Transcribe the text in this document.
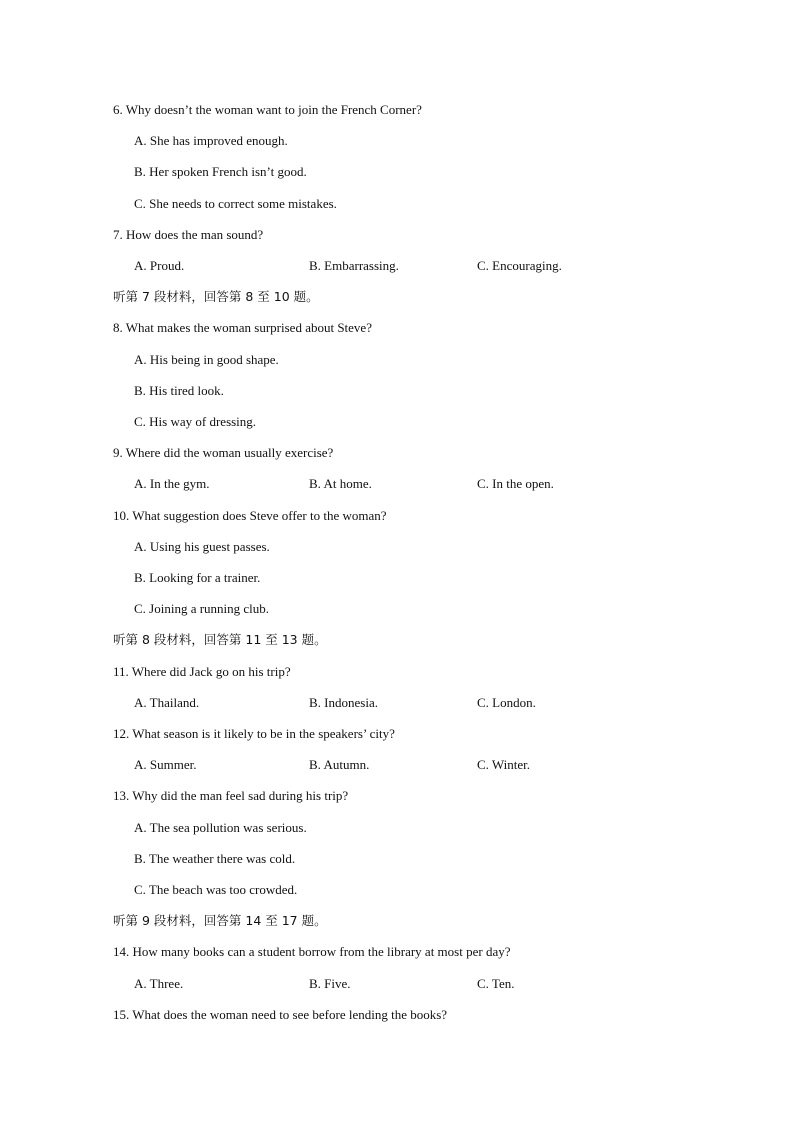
6. Why doesn’t the woman want to join the French Corner?
A. She has improved enough.
B. Her spoken French isn’t good.
C. She needs to correct some mistakes.
7. How does the man sound?
A. Proud.	B. Embarrassing.	C. Encouraging.
听第 7 段材料，回答第 8 至 10 题。
8. What makes the woman surprised about Steve?
A. His being in good shape.
B. His tired look.
C. His way of dressing.
9. Where did the woman usually exercise?
A. In the gym.	B. At home.	C. In the open.
10. What suggestion does Steve offer to the woman?
A. Using his guest passes.
B. Looking for a trainer.
C. Joining a running club.
听第 8 段材料，回答第 11 至 13 题。
11. Where did Jack go on his trip?
A. Thailand.	B. Indonesia.	C. London.
12. What season is it likely to be in the speakers’ city?
A. Summer.	B. Autumn.	C. Winter.
13. Why did the man feel sad during his trip?
A. The sea pollution was serious.
B. The weather there was cold.
C. The beach was too crowded.
听第 9 段材料，回答第 14 至 17 题。
14. How many books can a student borrow from the library at most per day?
A. Three.	B. Five.	C. Ten.
15. What does the woman need to see before lending the books?
